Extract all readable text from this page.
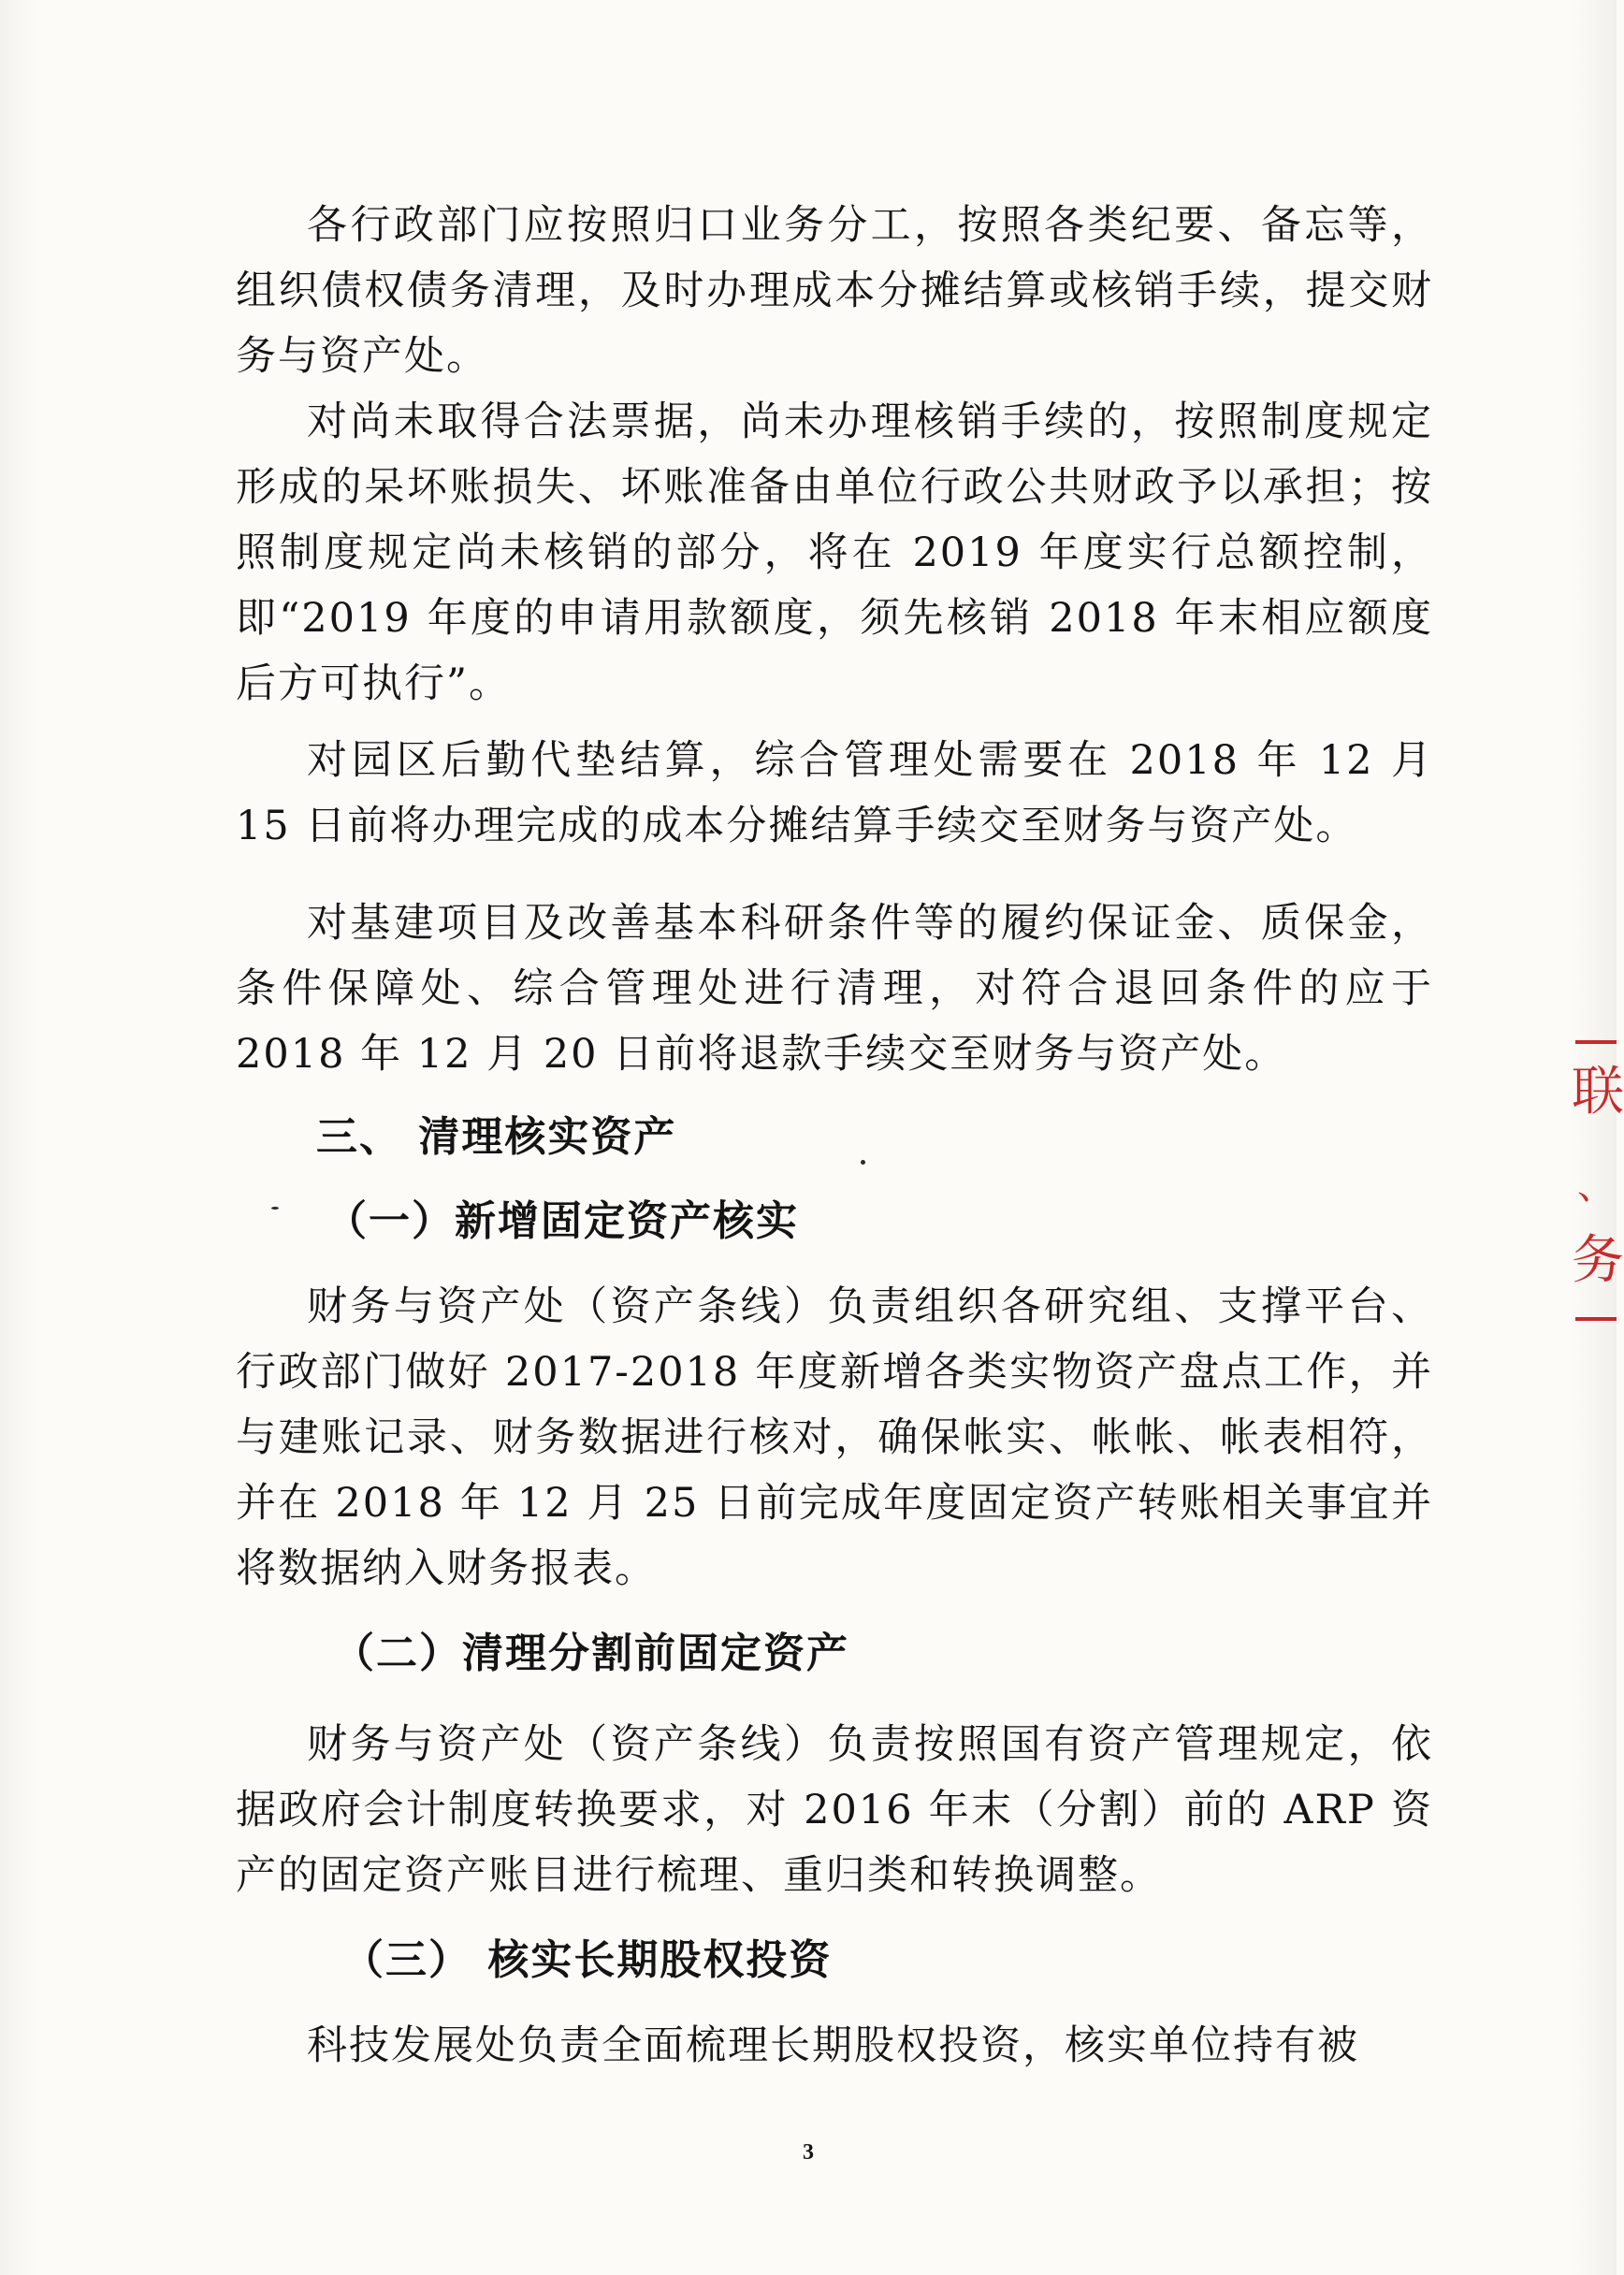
各行政部门应按照归口业务分工，按照各类纪要、备忘等，组织债权债务清理，及时办理成本分摊结算或核销手续，提交财务与资产处。

对尚未取得合法票据，尚未办理核销手续的，按照制度规定形成的呆坏账损失、坏账准备由单位行政公共财政予以承担；按照制度规定尚未核销的部分，将在 2019 年度实行总额控制，即“2019 年度的申请用款额度，须先核销 2018 年末相应额度后方可执行”。

对园区后勤代垫结算，综合管理处需要在 2018 年 12 月 15 日前将办理完成的成本分摊结算手续交至财务与资产处。

对基建项目及改善基本科研条件等的履约保证金、质保金，条件保障处、综合管理处进行清理，对符合退回条件的应于 2018 年 12 月 20 日前将退款手续交至财务与资产处。

三、 清理核实资产
（一）新增固定资产核实

财务与资产处（资产条线）负责组织各研究组、支撑平台、行政部门做好 2017-2018 年度新增各类实物资产盘点工作，并与建账记录、财务数据进行核对，确保帐实、帐帐、帐表相符，并在 2018 年 12 月 25 日前完成年度固定资产转账相关事宜并将数据纳入财务报表。

（二）清理分割前固定资产

财务与资产处（资产条线）负责按照国有资产管理规定，依据政府会计制度转换要求，对 2016 年末（分割）前的 ARP 资产的固定资产账目进行梳理、重归类和转换调整。

（三） 核实长期股权投资

科技发展处负责全面梳理长期股权投资，核实单位持有被

3
联
、
务
